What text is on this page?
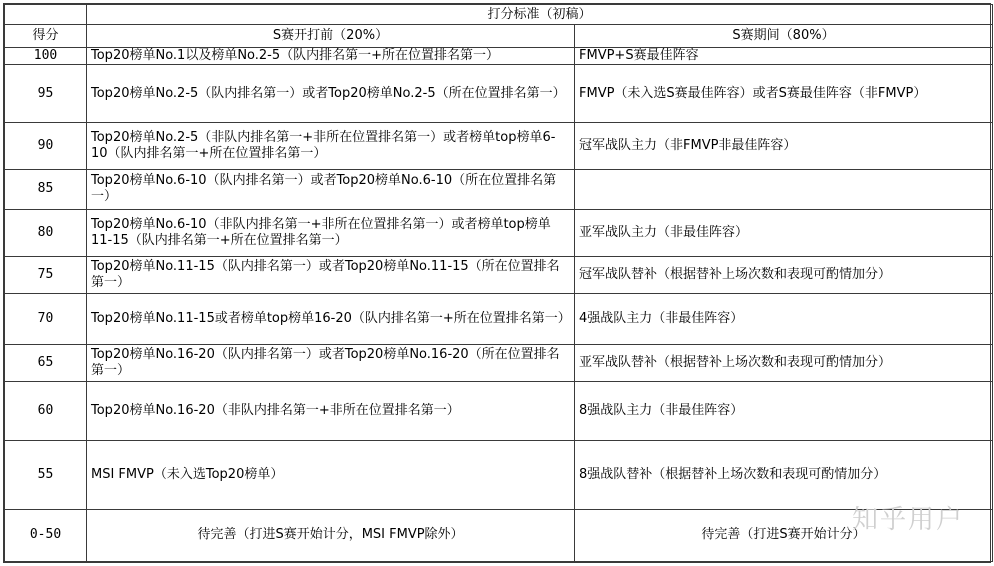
	打分标准（初稿）	
得分	S赛开打前（20%）	S赛期间（80%）
100	Top20榜单No.1以及榜单No.2-5（队内排名第一+所在位置排名第一）	FMVP+S赛最佳阵容
95	Top20榜单No.2-5（队内排名第一）或者Top20榜单No.2-5（所在位置排名第一）	FMVP（未入选S赛最佳阵容）或者S赛最佳阵容（非FMVP）
90	Top20榜单No.2-5（非队内排名第一+非所在位置排名第一）或者榜单top榜单6-10（队内排名第一+所在位置排名第一）	冠军战队主力（非FMVP非最佳阵容）
85	Top20榜单No.6-10（队内排名第一）或者Top20榜单No.6-10（所在位置排名第一）	
80	Top20榜单No.6-10（非队内排名第一+非所在位置排名第一）或者榜单top榜单11-15（队内排名第一+所在位置排名第一）	亚军战队主力（非最佳阵容）
75	Top20榜单No.11-15（队内排名第一）或者Top20榜单No.11-15（所在位置排名第一）	冠军战队替补（根据替补上场次数和表现可酌情加分）
70	Top20榜单No.11-15或者榜单top榜单16-20（队内排名第一+所在位置排名第一）	4强战队主力（非最佳阵容）
65	Top20榜单No.16-20（队内排名第一）或者Top20榜单No.16-20（所在位置排名第一）	亚军战队替补（根据替补上场次数和表现可酌情加分）
60	Top20榜单No.16-20（非队内排名第一+非所在位置排名第一）	8强战队主力（非最佳阵容）
55	MSI FMVP（未入选Top20榜单）	8强战队替补（根据替补上场次数和表现可酌情加分）
0-50	待完善（打进S赛开始计分，MSI FMVP除外）	待完善（打进S赛开始计分）
知乎用户
